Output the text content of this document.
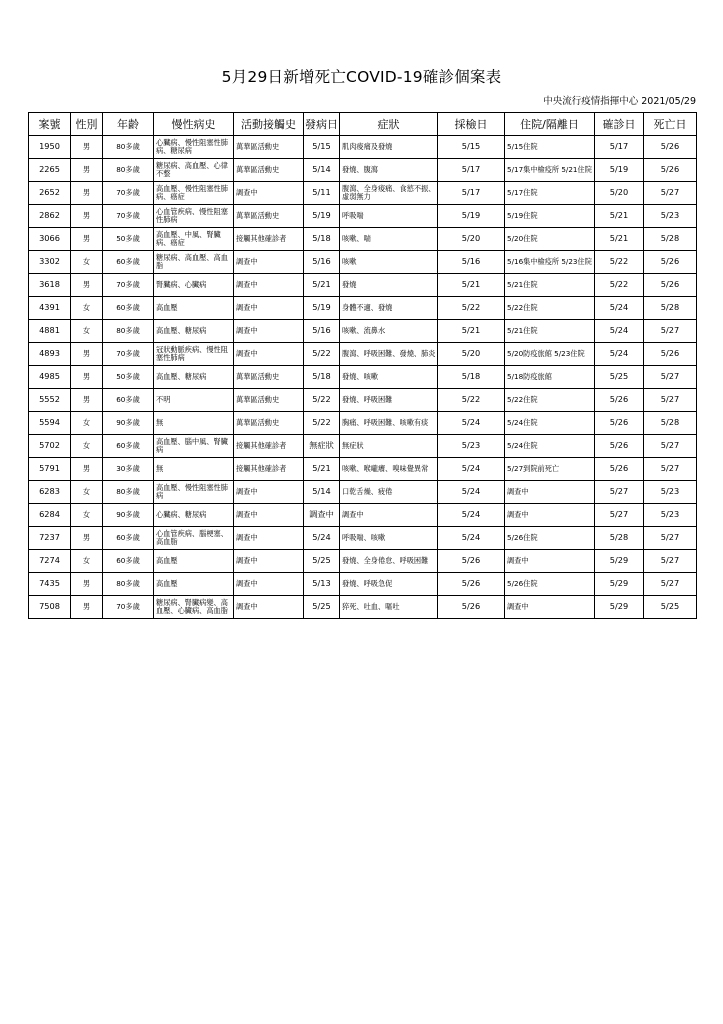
5月29日新增死亡COVID-19確診個案表
中央流行疫情指揮中心 2021/05/29
案號	性別	年齡	慢性病史	活動接觸史	發病日	症狀	採檢日	住院/隔離日	確診日	死亡日
1950	男	80多歲	心臟病、慢性阻塞性肺病、糖尿病	萬華區活動史	5/15	肌肉痠痛及發燒	5/15	5/15住院	5/17	5/26
2265	男	80多歲	糖尿病、高血壓、心律不整	萬華區活動史	5/14	發燒、腹瀉	5/17	5/17集中檢疫所 5/21住院	5/19	5/26
2652	男	70多歲	高血壓、慢性阻塞性肺病、癌症	調查中	5/11	腹瀉、全身痠痛、食慾不振、虛弱無力	5/17	5/17住院	5/20	5/27
2862	男	70多歲	心血管疾病、慢性阻塞性肺病	萬華區活動史	5/19	呼吸喘	5/19	5/19住院	5/21	5/23
3066	男	50多歲	高血壓、中風、腎臟病、癌症	接觸其他確診者	5/18	咳嗽、喘	5/20	5/20住院	5/21	5/28
3302	女	60多歲	糖尿病、高血壓、高血脂	調查中	5/16	咳嗽	5/16	5/16集中檢疫所 5/23住院	5/22	5/26
3618	男	70多歲	腎臟病、心臟病	調查中	5/21	發燒	5/21	5/21住院	5/22	5/26
4391	女	60多歲	高血壓	調查中	5/19	身體不適、發燒	5/22	5/22住院	5/24	5/28
4881	女	80多歲	高血壓、糖尿病	調查中	5/16	咳嗽、流鼻水	5/21	5/21住院	5/24	5/27
4893	男	70多歲	冠狀動脈疾病、慢性阻塞性肺病	調查中	5/22	腹瀉、呼吸困難、發燒、肺炎	5/20	5/20防疫旅館 5/23住院	5/24	5/26
4985	男	50多歲	高血壓、糖尿病	萬華區活動史	5/18	發燒、咳嗽	5/18	5/18防疫旅館	5/25	5/27
5552	男	60多歲	不明	萬華區活動史	5/22	發燒、呼吸困難	5/22	5/22住院	5/26	5/27
5594	女	90多歲	無	萬華區活動史	5/22	胸痛、呼吸困難、咳嗽有痰	5/24	5/24住院	5/26	5/28
5702	女	60多歲	高血壓、腦中風、腎臟病	接觸其他確診者	無症狀	無症狀	5/23	5/24住院	5/26	5/27
5791	男	30多歲	無	接觸其他確診者	5/21	咳嗽、喉嚨癢、嗅味覺異常	5/24	5/27到院前死亡	5/26	5/27
6283	女	80多歲	高血壓、慢性阻塞性肺病	調查中	5/14	口乾舌燥、疲倦	5/24	調查中	5/27	5/23
6284	女	90多歲	心臟病、糖尿病	調查中	調查中	調查中	5/24	調查中	5/27	5/23
7237	男	60多歲	心血管疾病、腦梗塞、高血脂	調查中	5/24	呼吸喘、咳嗽	5/24	5/26住院	5/28	5/27
7274	女	60多歲	高血壓	調查中	5/25	發燒、全身倦怠、呼吸困難	5/26	調查中	5/29	5/27
7435	男	80多歲	高血壓	調查中	5/13	發燒、呼吸急促	5/26	5/26住院	5/29	5/27
7508	男	70多歲	糖尿病、腎臟病變、高血壓、心臟病、高血脂	調查中	5/25	猝死、吐血、嘔吐	5/26	調查中	5/29	5/25
